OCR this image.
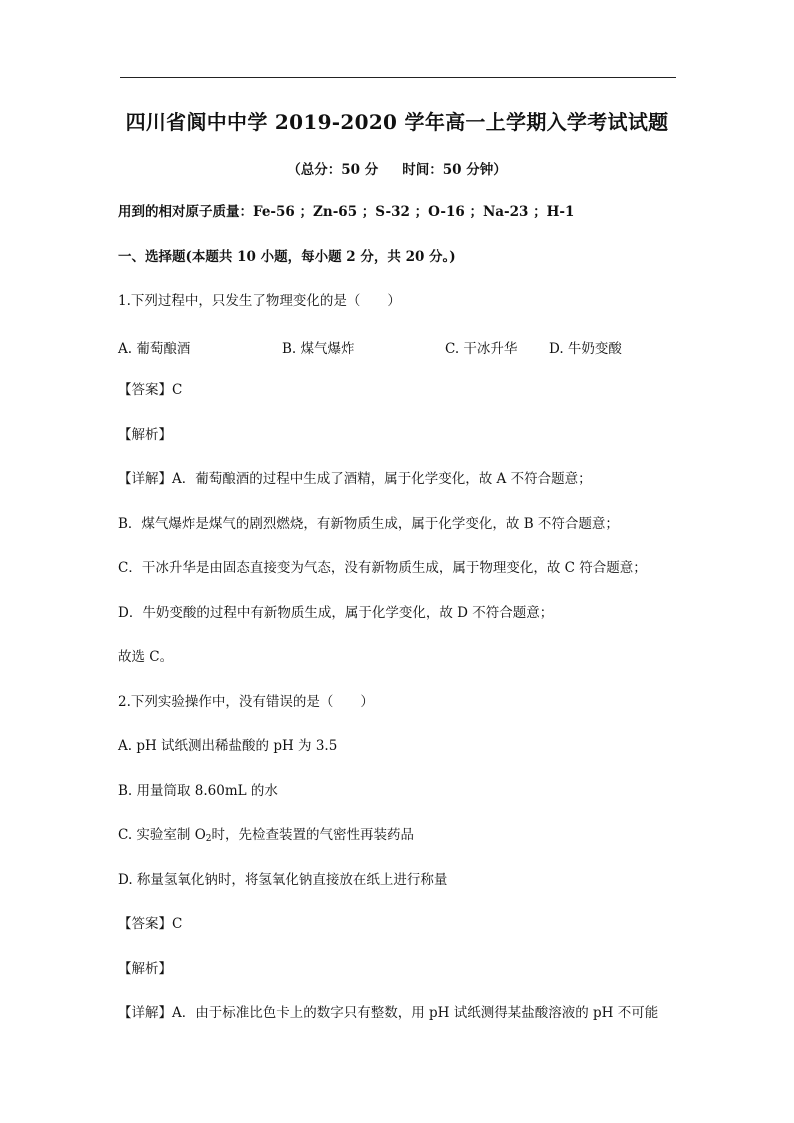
四川省阆中中学 2019-2020 学年高一上学期入学考试试题
（总分：50 分 时间：50 分钟）
用到的相对原子质量：Fe-56 ；Zn-65 ；S-32 ；O-16 ；Na-23 ；H-1
一、选择题(本题共 10 小题，每小题 2 分，共 20 分。)
1.下列过程中，只发生了物理变化的是（　　）
A. 葡萄酿酒	B. 煤气爆炸	C. 干冰升华 D. 牛奶变酸
【答案】C
【解析】
【详解】A．葡萄酿酒的过程中生成了酒精，属于化学变化，故 A 不符合题意；
B．煤气爆炸是煤气的剧烈燃烧，有新物质生成，属于化学变化，故 B 不符合题意；
C．干冰升华是由固态直接变为气态，没有新物质生成，属于物理变化，故 C 符合题意；
D．牛奶变酸的过程中有新物质生成，属于化学变化，故 D 不符合题意；
故选 C。
2.下列实验操作中，没有错误的是（　　）
A. pH 试纸测出稀盐酸的 pH 为 3.5
B. 用量筒取 8.60mL 的水
C. 实验室制 $O_2$时，先检查装置的气密性再装药品
D. 称量氢氧化钠时，将氢氧化钠直接放在纸上进行称量
【答案】C
【解析】
【详解】A．由于标准比色卡上的数字只有整数，用 pH 试纸测得某盐酸溶液的 pH 不可能
